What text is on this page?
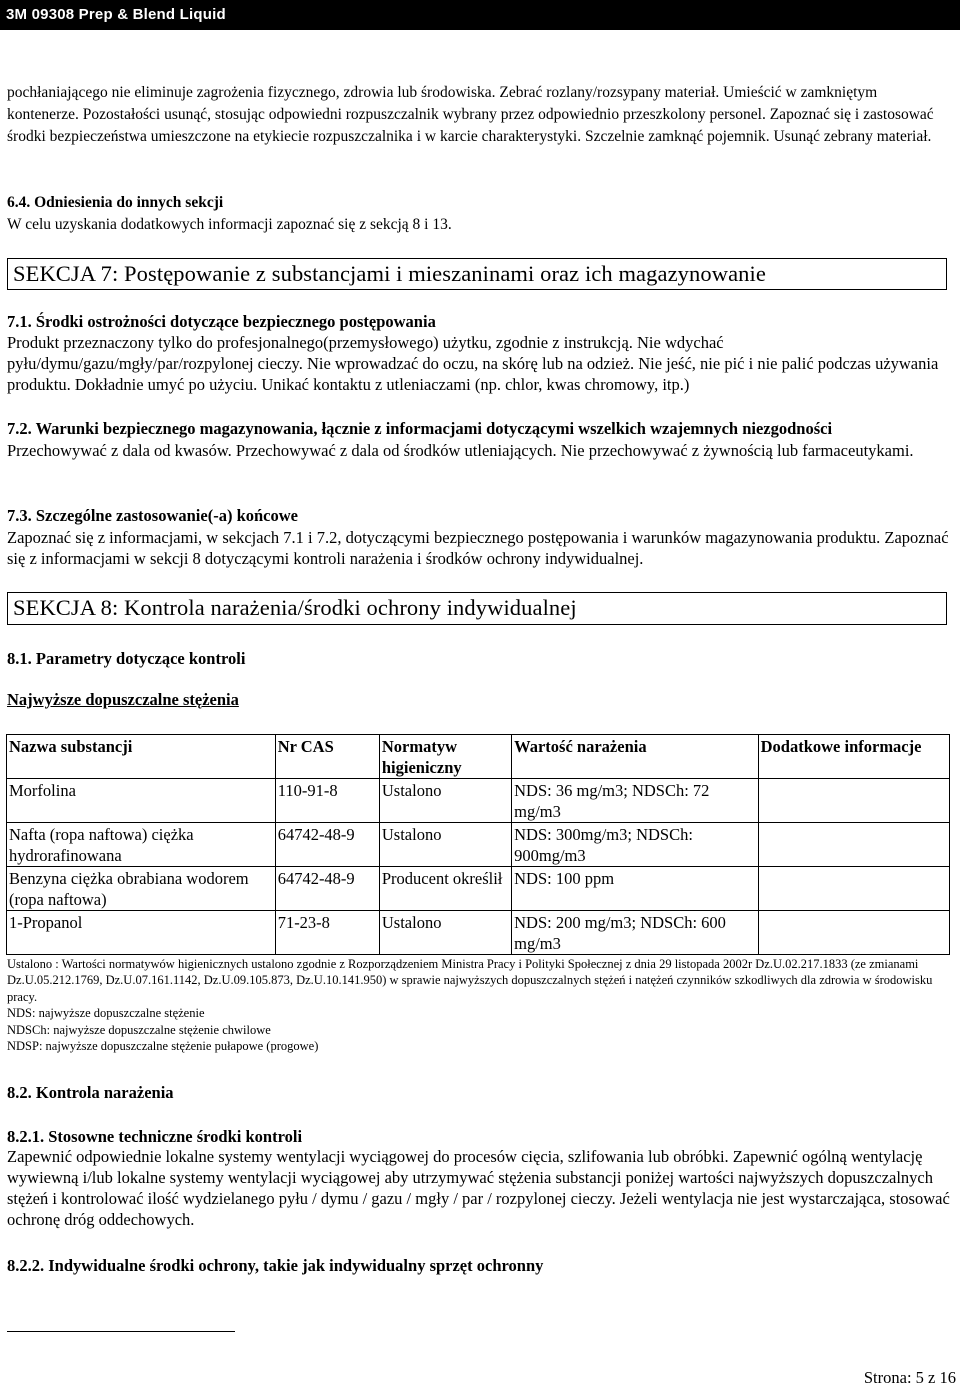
3M 09308 Prep & Blend Liquid
pochłaniającego nie eliminuje zagrożenia fizycznego, zdrowia lub środowiska. Zebrać rozlany/rozsypany materiał. Umieścić w zamkniętym kontenerze. Pozostałości usunąć, stosując odpowiedni rozpuszczalnik wybrany przez odpowiednio przeszkolony personel. Zapoznać się i zastosować środki bezpieczeństwa umieszczone na etykiecie rozpuszczalnika i w karcie charakterystyki. Szczelnie zamknąć pojemnik. Usunąć zebrany materiał.
6.4. Odniesienia do innych sekcji
W celu uzyskania dodatkowych informacji zapoznać się z sekcją 8 i 13.
SEKCJA 7: Postępowanie z substancjami i mieszaninami oraz ich magazynowanie
7.1. Środki ostrożności dotyczące bezpiecznego postępowania
Produkt przeznaczony tylko do profesjonalnego(przemysłowego) użytku, zgodnie z instrukcją. Nie wdychać pyłu/dymu/gazu/mgły/par/rozpylonej cieczy. Nie wprowadzać do oczu, na skórę lub na odzież. Nie jeść, nie pić i nie palić podczas używania produktu. Dokładnie umyć po użyciu. Unikać kontaktu z utleniaczami (np. chlor, kwas chromowy, itp.)
7.2. Warunki bezpiecznego magazynowania, łącznie z informacjami dotyczącymi wszelkich wzajemnych niezgodności
Przechowywać z dala od kwasów. Przechowywać z dala od środków utleniających. Nie przechowywać z żywnością lub farmaceutykami.
7.3. Szczególne zastosowanie(-a) końcowe
Zapoznać się z informacjami, w sekcjach 7.1 i 7.2, dotyczącymi bezpiecznego postępowania i warunków magazynowania produktu. Zapoznać się z informacjami w sekcji 8 dotyczącymi kontroli narażenia i środków ochrony indywidualnej.
SEKCJA 8: Kontrola narażenia/środki ochrony indywidualnej
8.1. Parametry dotyczące kontroli
Najwyższe dopuszczalne stężenia
Nazwa substancji	Nr CAS	Normatyw higieniczny	Wartość narażenia	Dodatkowe informacje
Morfolina	110-91-8	Ustalono	NDS: 36 mg/m3; NDSCh: 72 mg/m3	
Nafta (ropa naftowa) ciężka hydrorafinowana	64742-48-9	Ustalono	NDS: 300mg/m3; NDSCh: 900mg/m3	
Benzyna ciężka obrabiana wodorem (ropa naftowa)	64742-48-9	Producent określił	NDS: 100 ppm	
1-Propanol	71-23-8	Ustalono	NDS: 200 mg/m3; NDSCh: 600 mg/m3	
Ustalono : Wartości normatywów higienicznych ustalono zgodnie z Rozporządzeniem Ministra Pracy i Polityki Społecznej z dnia 29 listopada 2002r Dz.U.02.217.1833 (ze zmianami Dz.U.05.212.1769, Dz.U.07.161.1142, Dz.U.09.105.873, Dz.U.10.141.950) w sprawie najwyższych dopuszczalnych stężeń i natężeń czynników szkodliwych dla zdrowia w środowisku pracy.
NDS: najwyższe dopuszczalne stężenie
NDSCh: najwyższe dopuszczalne stężenie chwilowe
NDSP: najwyższe dopuszczalne stężenie pułapowe (progowe)
8.2. Kontrola narażenia
8.2.1. Stosowne techniczne środki kontroli
Zapewnić odpowiednie lokalne systemy wentylacji wyciągowej do procesów cięcia, szlifowania lub obróbki. Zapewnić ogólną wentylację wywiewną i/lub lokalne systemy wentylacji wyciągowej aby utrzymywać stężenia substancji poniżej wartości najwyższych dopuszczalnych stężeń i kontrolować ilość wydzielanego pyłu / dymu / gazu / mgły / par / rozpylonej cieczy. Jeżeli wentylacja nie jest wystarczająca, stosować ochronę dróg oddechowych.
8.2.2. Indywidualne środki ochrony, takie jak indywidualny sprzęt ochronny
Strona: 5 z 16
